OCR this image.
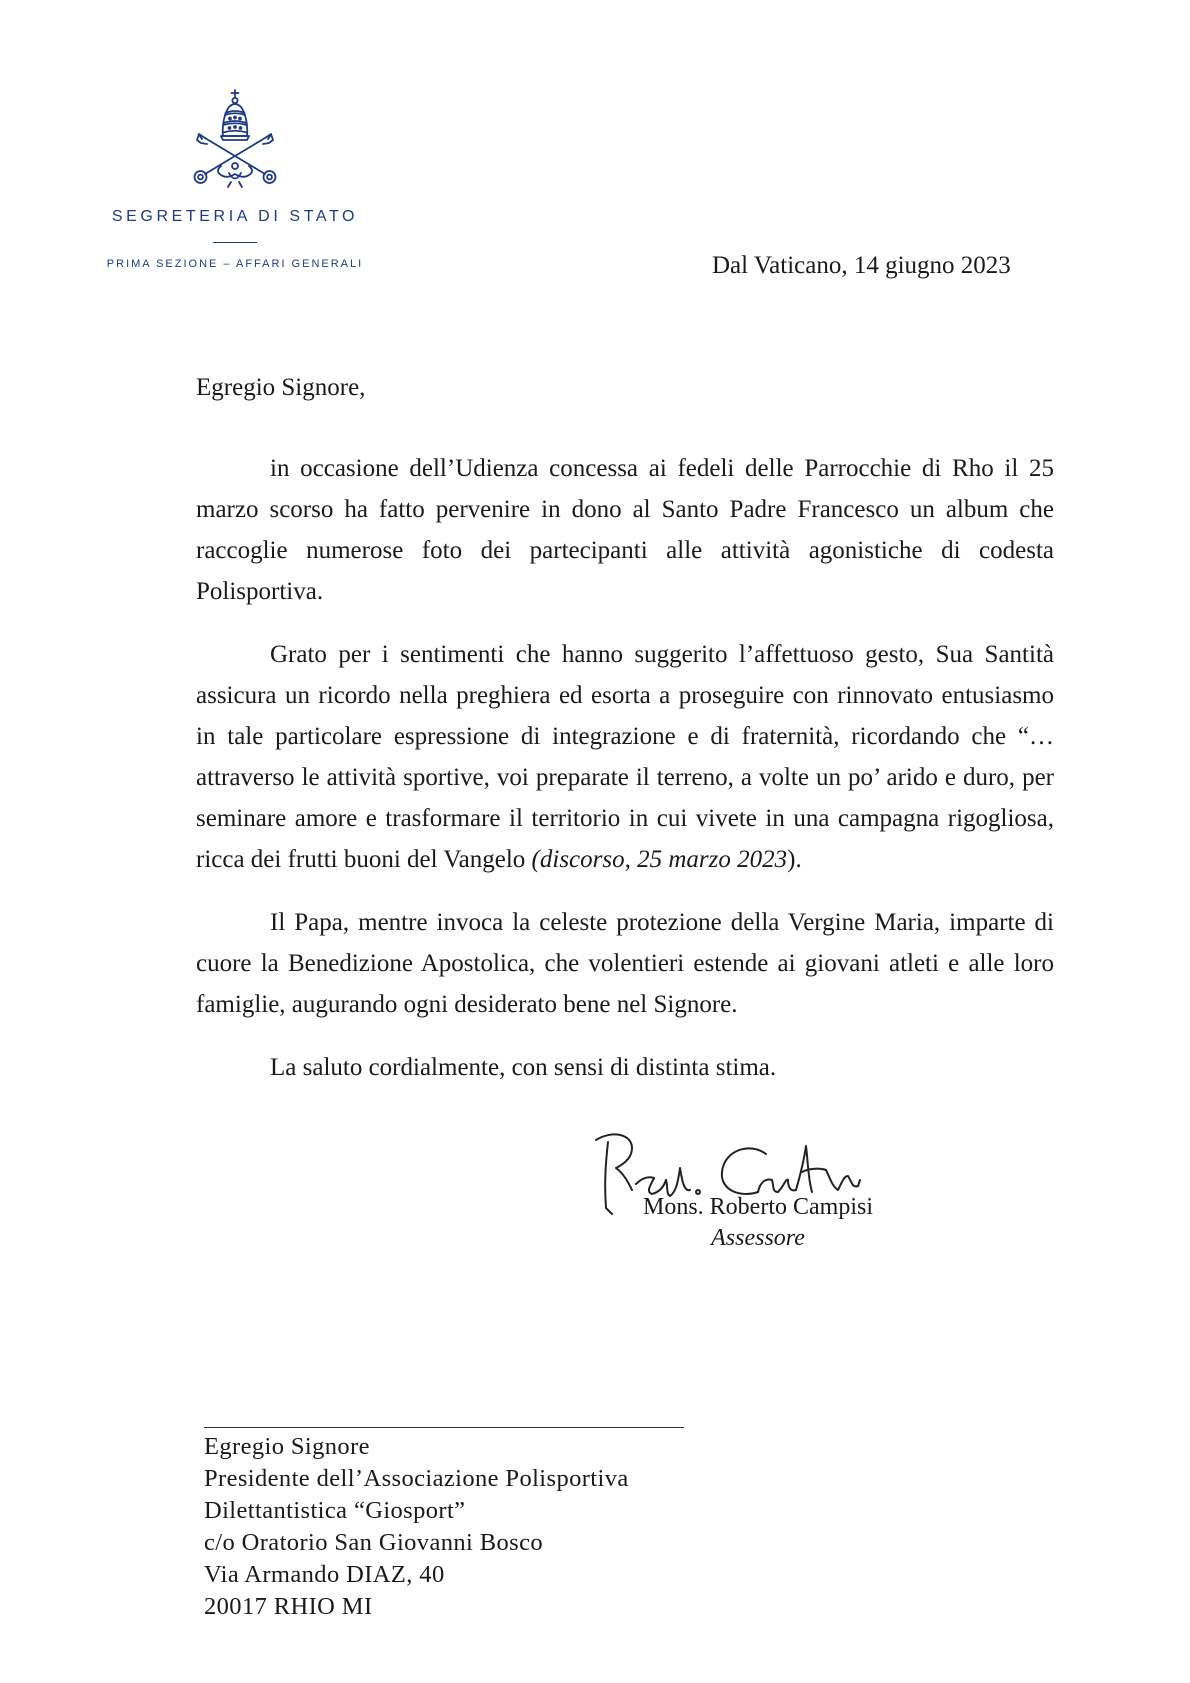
SEGRETERIA DI STATO
PRIMA SEZIONE – AFFARI GENERALI	Dal Vaticano, 14 giugno 2023
Egregio Signore,

in occasione dell’Udienza concessa ai fedeli delle Parrocchie di Rho il 25 marzo scorso ha fatto pervenire in dono al Santo Padre Francesco un album che raccoglie numerose foto dei partecipanti alle attività agonistiche di codesta Polisportiva.

Grato per i sentimenti che hanno suggerito l’affettuoso gesto, Sua Santità assicura un ricordo nella preghiera ed esorta a proseguire con rinnovato entusiasmo in tale particolare espressione di integrazione e di fraternità, ricordando che “…attraverso le attività sportive, voi preparate il terreno, a volte un po’ arido e duro, per seminare amore e trasformare il territorio in cui vivete in una campagna rigogliosa, ricca dei frutti buoni del Vangelo (discorso, 25 marzo 2023).

Il Papa, mentre invoca la celeste protezione della Vergine Maria, imparte di cuore la Benedizione Apostolica, che volentieri estende ai giovani atleti e alle loro famiglie, augurando ogni desiderato bene nel Signore.

La saluto cordialmente, con sensi di distinta stima.

Mons. Roberto Campisi
Assessore
Egregio Signore
Presidente dell’Associazione Polisportiva
Dilettantistica “Giosport”
c/o Oratorio San Giovanni Bosco
Via Armando DIAZ, 40
20017 RHIO MI
